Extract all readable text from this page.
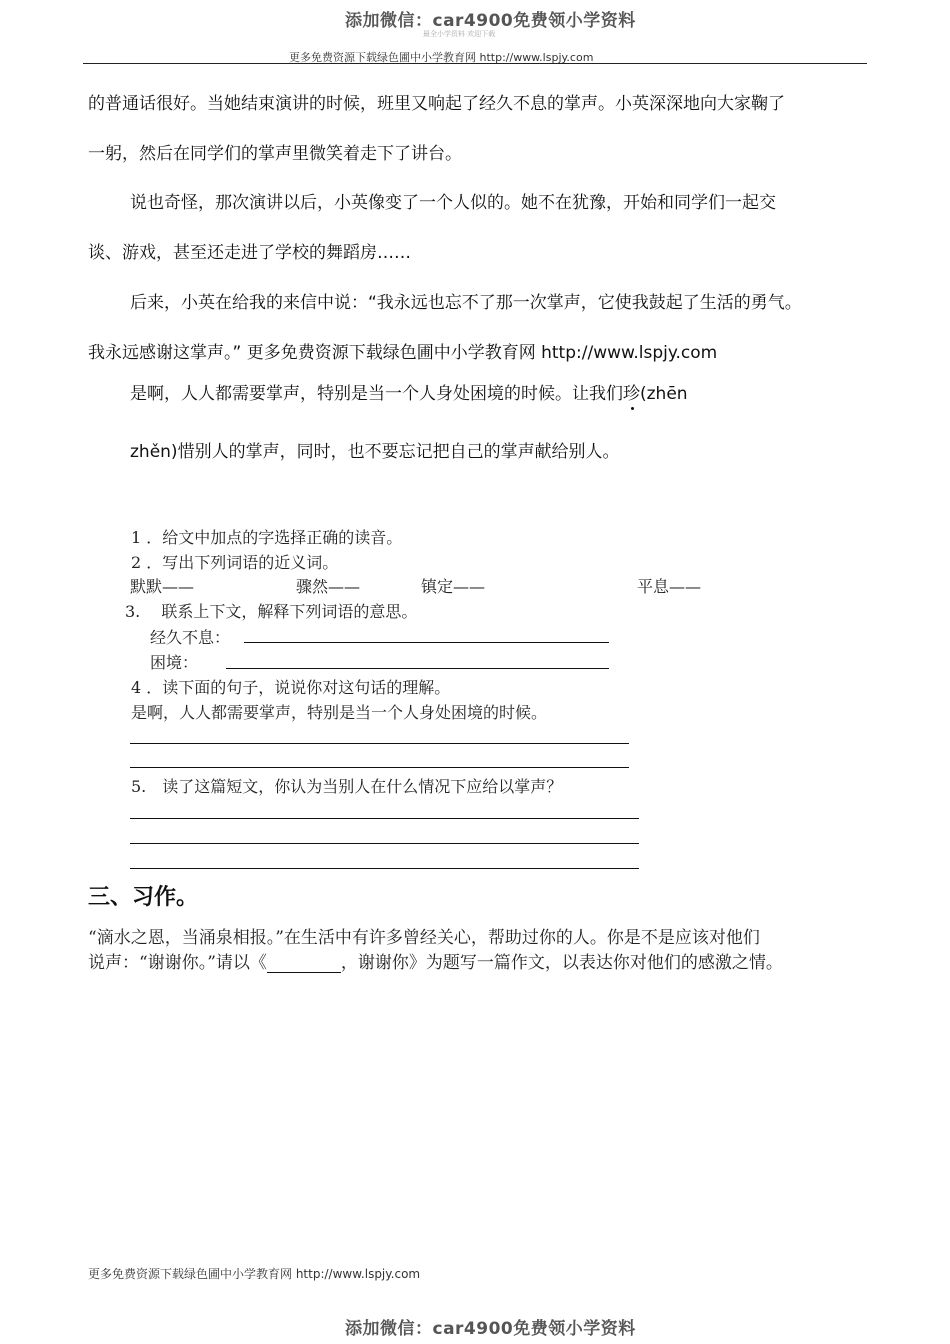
添加微信：car4900免费领小学资料
最全小学资料 欢迎下载
更多免费资源下载绿色圃中小学教育网 http://www.lspjy.com
的普通话很好。当她结束演讲的时候，班里又响起了经久不息的掌声。小英深深地向大家鞠了
一躬，然后在同学们的掌声里微笑着走下了讲台。
说也奇怪，那次演讲以后，小英像变了一个人似的。她不在犹豫，开始和同学们一起交
谈、游戏，甚至还走进了学校的舞蹈房……
后来，小英在给我的来信中说：“我永远也忘不了那一次掌声，它使我鼓起了生活的勇气。
我永远感谢这掌声。” 更多免费资源下载绿色圃中小学教育网 http://www.lspjy.com
是啊，人人都需要掌声，特别是当一个人身处困境的时候。让我们珍(zhēn
zhěn)惜别人的掌声，同时，也不要忘记把自己的掌声献给别人。
1 ．给文中加点的字选择正确的读音。
2 ．写出下列词语的近义词。
默默——	骤然——	镇定——	平息——
3.　 联系上下文，解释下列词语的意思。
经久不息：
困境：
4 ．读下面的句子，说说你对这句话的理解。
是啊，人人都需要掌声，特别是当一个人身处困境的时候。
5.　读了这篇短文，你认为当别人在什么情况下应给以掌声？
三、习作。
“滴水之恩，当涌泉相报。”在生活中有许多曾经关心，帮助过你的人。你是不是应该对他们
说声：“谢谢你。”请以《	，谢谢你》为题写一篇作文，以表达你对他们的感激之情。
更多免费资源下载绿色圃中小学教育网 http://www.lspjy.com
添加微信：car4900免费领小学资料
